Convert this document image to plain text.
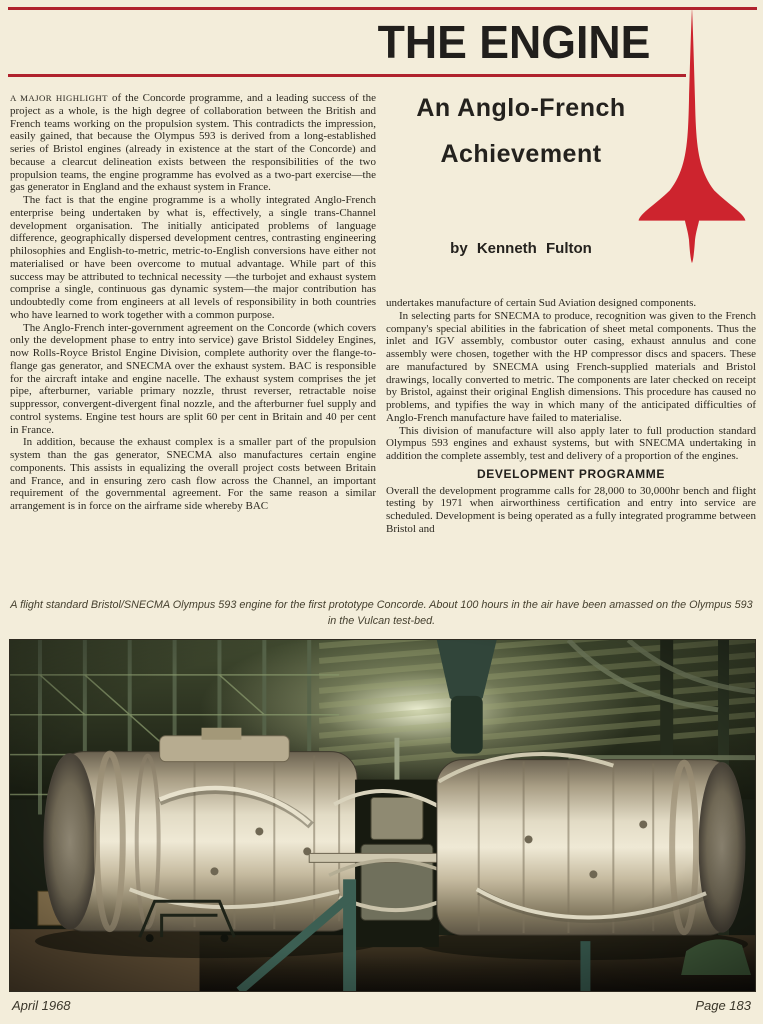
THE ENGINE
An Anglo-French
Achievement
by Kenneth Fulton

A MAJOR HIGHLIGHT of the Concorde programme, and a leading success of the project as a whole, is the high degree of collaboration between the British and French teams working on the propulsion system. This contradicts the impression, easily gained, that because the Olympus 593 is derived from a long-established series of Bristol engines (already in existence at the start of the Concorde) and because a clearcut delineation exists between the responsibilities of the two propulsion teams, the engine programme has evolved as a two-part exercise—the gas generator in England and the exhaust system in France.

The fact is that the engine programme is a wholly integrated Anglo-French enterprise being undertaken by what is, effectively, a single trans-Channel development organisation. The initially anticipated problems of language difference, geographically dispersed development centres, contrasting engineering philosophies and English-to-metric, metric-to-English conversions have either not materialised or have been overcome to mutual advantage. While part of this success may be attributed to technical necessity —the turbojet and exhaust system comprise a single, continuous gas dynamic system—the major contribution has undoubtedly come from engineers at all levels of responsibility in both countries who have learned to work together with a common purpose.

The Anglo-French inter-government agreement on the Concorde (which covers only the development phase to entry into service) gave Bristol Siddeley Engines, now Rolls-Royce Bristol Engine Division, complete authority over the flange-to-flange gas generator, and SNECMA over the exhaust system. BAC is responsible for the aircraft intake and engine nacelle. The exhaust system comprises the jet pipe, afterburner, variable primary nozzle, thrust reverser, retractable noise suppressor, convergent-divergent final nozzle, and the afterburner fuel supply and control systems. Engine test hours are split 60 per cent in Britain and 40 per cent in France.

In addition, because the exhaust complex is a smaller part of the propulsion system than the gas generator, SNECMA also manufactures certain engine components. This assists in equalizing the overall project costs between Britain and France, and in ensuring zero cash flow across the Channel, an important requirement of the governmental agreement. For the same reason a similar arrangement is in force on the airframe side whereby BAC

undertakes manufacture of certain Sud Aviation designed components.

In selecting parts for SNECMA to produce, recognition was given to the French company's special abilities in the fabrication of sheet metal components. Thus the inlet and IGV assembly, combustor outer casing, exhaust annulus and cone assembly were chosen, together with the HP compressor discs and spacers. These are manufactured by SNECMA using French-supplied materials and Bristol drawings, locally converted to metric. The components are later checked on receipt by Bristol, against their original English dimensions. This procedure has caused no problems, and typifies the way in which many of the anticipated difficulties of Anglo-French manufacture have failed to materialise.

This division of manufacture will also apply later to full production standard Olympus 593 engines and exhaust systems, but with SNECMA undertaking in addition the complete assembly, test and delivery of a proportion of the engines.

DEVELOPMENT PROGRAMME

Overall the development programme calls for 28,000 to 30,000hr bench and flight testing by 1971 when airworthiness certification and entry into service are scheduled. Development is being operated as a fully integrated programme between Bristol and

A flight standard Bristol/SNECMA Olympus 593 engine for the first prototype Concorde. About 100 hours in the air have been amassed on the Olympus 593 in the Vulcan test-bed.
April 1968	Page 183
